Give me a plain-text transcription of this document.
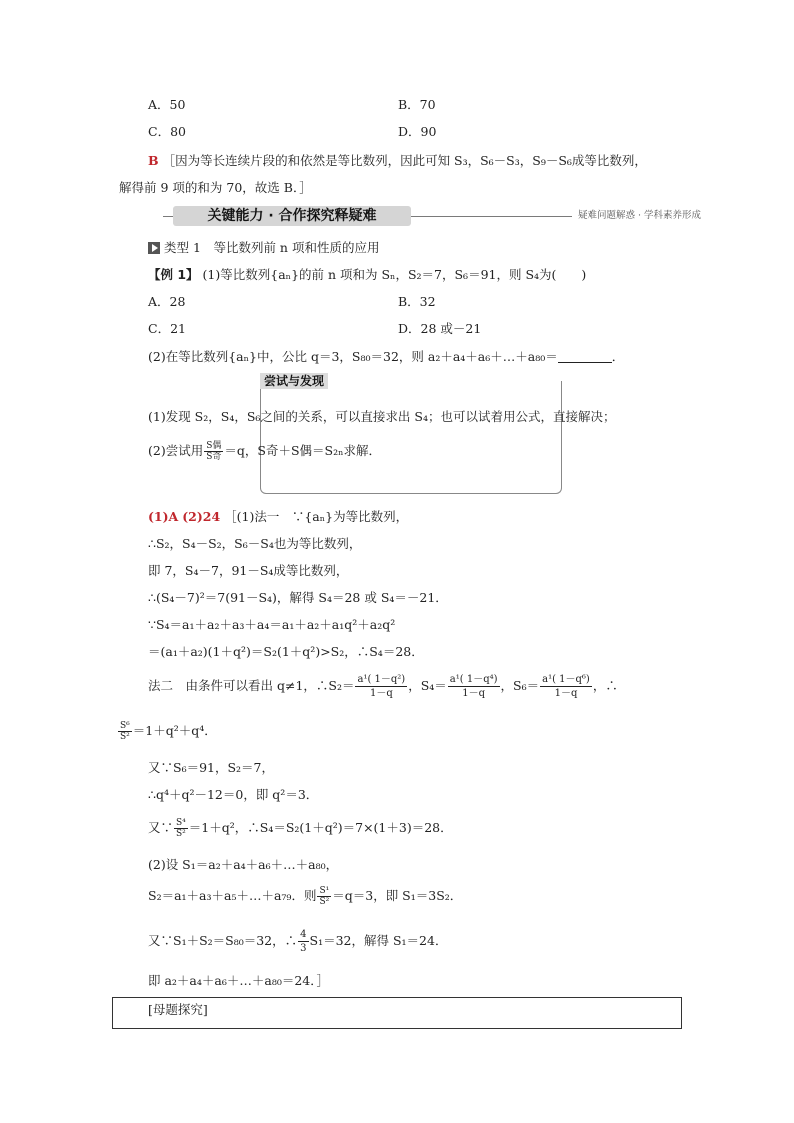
A．50	B．70
C．80	D．90
B ［因为等长连续片段的和依然是等比数列，因此可知 S₃，S₆－S₃，S₉－S₆成等比数列，
解得前 9 项的和为 70，故选 B．］
关键能力 · 合作探究释疑难	疑难问题解惑 · 学科素养形成
类型 1　 等比数列前 n 项和性质的应用
【例 1】 (1)等比数列{aₙ}的前 n 项和为 Sₙ，S₂＝7，S₆＝91，则 S₄为(　　)
A．28	B．32
C．21	D．28 或－21
(2)在等比数列{aₙ}中，公比 q＝3，S₈₀＝32，则 a₂＋a₄＋a₆＋…＋a₈₀＝	．
尝试与发现
(1)发现 S₂，S₄，S₆之间的关系，可以直接求出 S₄；也可以试着用公式，直接解决；
(2)尝试用 $\frac{\text{S偶}}{\text{S奇}} =q$，S奇＋S偶＝S₂ₙ求解．
(1)A (2)24 ［(1)法一　∵{aₙ}为等比数列，
∴S₂，S₄－S₂，S₆－S₄也为等比数列，
即 7，S₄－7，91－S₄成等比数列，
∴(S₄－7)²＝7(91－S₄)，解得 S₄＝28 或 S₄＝－21．
∵S₄＝a₁＋a₂＋a₃＋a₄＝a₁＋a₂＋a₁q²＋a₂q²
＝(a₁＋a₂)(1＋q²)＝S₂(1＋q²)>S₂，∴S₄＝28．
法二　由条件可以看出 q≠1，∴S₂＝ $\frac{\text{a¹( 1－q²)}}{1-q}$ ，$S_4= \frac{\text{a¹( 1－q⁴)}}{1-q}$ ，$S_6= \frac{\text{a¹( 1－q⁶)}}{1-q}$ ，∴
$\frac{\text{S⁶}}{\text{S²}} =1+q^2+q^4$．
又∵S₆＝91，S₂＝7，
∴q⁴＋q²－12＝0，即 q²＝3．
又∵ $\frac{\text{S⁴}}{\text{S²}} =1+q^2$，∴S₄＝S₂(1＋q²)＝7×(1＋3)＝28．
(2)设 S₁＝a₂＋a₄＋a₆＋…＋a₈₀，
S₂＝a₁＋a₃＋a₅＋…＋a₇₉．则 $\frac{\text{S¹}}{\text{S²}} =q=3$，即 S₁＝3S₂．
又∵S₁＋S₂＝S₈₀＝32，∴ $\frac{4}{3} S_1=32$，解得 S₁＝24．
即 a₂＋a₄＋a₆＋…＋a₈₀＝24．］
[母题探究]
